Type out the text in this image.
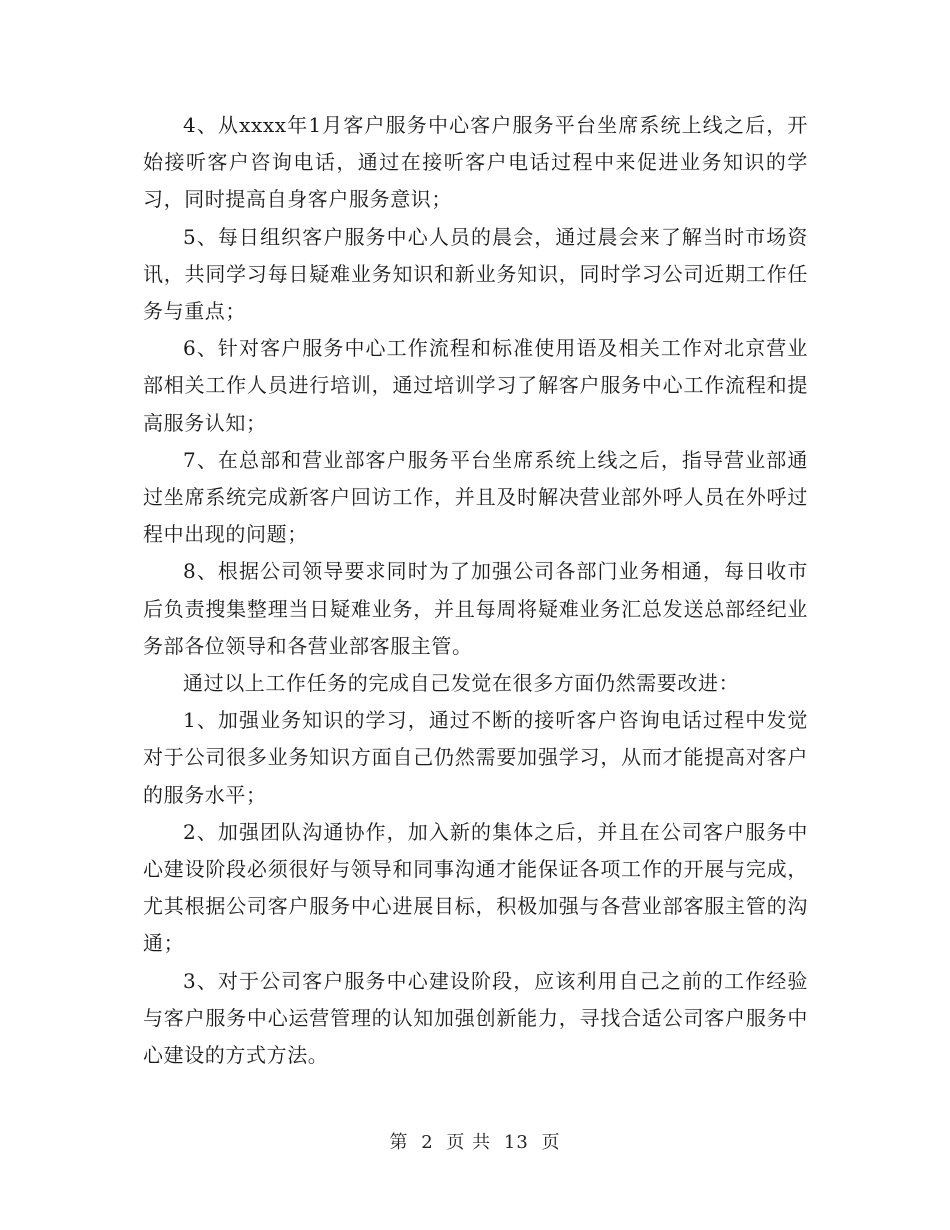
4、从xxxx年1月客户服务中心客户服务平台坐席系统上线之后，开始接听客户咨询电话，通过在接听客户电话过程中来促进业务知识的学习，同时提高自身客户服务意识；

5、每日组织客户服务中心人员的晨会，通过晨会来了解当时市场资讯，共同学习每日疑难业务知识和新业务知识，同时学习公司近期工作任务与重点；

6、针对客户服务中心工作流程和标准使用语及相关工作对北京营业部相关工作人员进行培训，通过培训学习了解客户服务中心工作流程和提高服务认知；

7、在总部和营业部客户服务平台坐席系统上线之后，指导营业部通过坐席系统完成新客户回访工作，并且及时解决营业部外呼人员在外呼过程中出现的问题；

8、根据公司领导要求同时为了加强公司各部门业务相通，每日收市后负责搜集整理当日疑难业务，并且每周将疑难业务汇总发送总部经纪业务部各位领导和各营业部客服主管。

通过以上工作任务的完成自己发觉在很多方面仍然需要改进：

1、加强业务知识的学习，通过不断的接听客户咨询电话过程中发觉对于公司很多业务知识方面自己仍然需要加强学习，从而才能提高对客户的服务水平；

2、加强团队沟通协作，加入新的集体之后，并且在公司客户服务中心建设阶段必须很好与领导和同事沟通才能保证各项工作的开展与完成，尤其根据公司客户服务中心进展目标，积极加强与各营业部客服主管的沟通；

3、对于公司客户服务中心建设阶段，应该利用自己之前的工作经验与客户服务中心运营管理的认知加强创新能力，寻找合适公司客户服务中心建设的方式方法。

第 2 页 共 13 页
